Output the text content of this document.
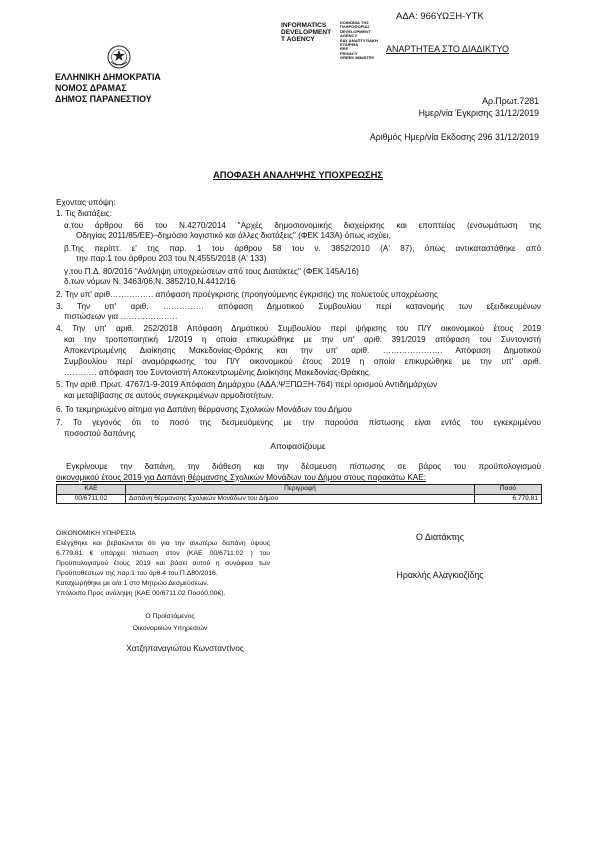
ΑΔΑ: 966ΥΩΞΗ-ΥΤΚ
INFORMATICS
DEVELOPMENT
T AGENCY
ΚΟΙΝΩΝΙΑ ΤΗΣ
ΠΛΗΡΟΦΟΡΙΑΣ
DEVELOPMENT AGENCY
ΕΔΥ ΑΝΑΠΤΥΞΙΑΚΗ
ΕΤΑΙΡΕΙΑ
ΕΕΕ
PRIVACY
GREEK MINISTRY
ΑΝΑΡΤΗΤΕΑ ΣΤΟ ΔΙΑΔΙΚΤΥΟ
ΕΛΛΗΝΙΚΗ ΔΗΜΟΚΡΑΤΙΑ
ΝΟΜΟΣ ΔΡΑΜΑΣ
ΔΗΜΟΣ ΠΑΡΑΝΕΣΤΙΟΥ	Αρ.Πρωτ.7281
Ημερ/νία Έγκρισης 31/12/2019
Αριθμός Ημερ/νία Εκδοσης 296 31/12/2019
ΑΠΟΦΑΣΗ ΑΝΑΛΗΨΗΣ ΥΠΟΧΡΕΩΣΗΣ
Εχοντας υπόψη:
1. Τις διατάξεις:
α.του άρθρου 66 του Ν.4270/2014 "Αρχές δημοσιονομικής διαχείρισης και εποπτείας (ενσωμάτωση της
Οδηγίας 2011/85/ΕΕ)–δημόσιο λογιστικό και άλλες διατάξεις" (ΦΕΚ 143Α) όπως ισχύει,
β.Της περίπτ. ε' της παρ. 1 του άρθρου 58 του ν. 3852/2010 (Α' 87), όπως αντικαταστάθηκε από
την παρ.1 του άρθρου 203 του Ν.4555/2018 (Α' 133)
γ.του Π.Δ. 80/2016 "Ανάληψη υποχρεώσεων από τους Διατάκτες" (ΦΕΚ 145Α/16)
δ.των νόμων Ν. 3463/06,Ν. 3852/10,Ν.4412/16
2. Την υπ' αριθ……………. απόφαση προέγκρισης (προηγούμενης έγκρισης) της πολυετούς υποχρέωσης
3. Την υπ' αριθ. …………… απόφαση Δημοτικού Συμβουλίου περί κατανομής των εξειδικευμένων
πιστώσεων για …………………
4. Την υπ' αριθ. 252/2018 Απόφαση Δημοτικού Συμβουλίου περί ψήφισης του Π/Υ οικονομικού έτους 2019
και την τροποποιητική 1/2019 η οποία επικυρώθηκε με την υπ' αριθ. 391/2019 απόφαση του Συντονιστή
Αποκεντρωμένης Διοίκησης Μακεδονίας-Θράκης και την υπ' αριθ. …………………. Απόφαση Δημοτικού
Συμβουλίου περί αναμόρφωσης του Π/Υ οικονομικού έτους 2019 η οποία επικυρώθηκε με την υπ' αριθ.
………… απόφαση του Συντονιστή Αποκεντρωμένης Διοίκησης Μακεδονίας-Θράκης.
5. Την αριθ. Πρωτ. 4767/1-9-2019 Απόφαση Δημάρχου (ΑΔΑ:ΨΞΠΩΞΗ-764) περί ορισμού Αντιδημάρχων
και μεταβίβασης σε αυτούς συγκεκριμένων αρμοδιοτήτων.
6. Το τεκμηριωμένο αίτημα για Δαπάνη θέρμανσης Σχολικών Μονάδων του Δήμου
7. Το γεγονός ότι το ποσό της δεσμευόμενης με την παρούσα πίστωσης είναι εντός του εγκεκριμένου
ποσοστού δαπάνης
Αποφασίζουμε
Εγκρίνουμε την δαπάνη, την διάθεση και την δέσμευση πίστωσης σε βάρος του προϋπολογισμού
οικονομικού έτους 2019 για Δαπάνη θέρμανσης Σχολικών Μονάδων του Δήμου στους παρακάτω ΚΑΕ:
ΚΑΕ	Περιγραφή	Ποσό
00/6711.02	Δαπάνη θέρμανσης Σχολικών Μονάδων του Δήμου	6.779,81
ΟΙΚΟΝΟΜΙΚΗ ΥΠΗΡΕΣΙΑ
Ελέγχθηκε και βεβαιώνεται ότι για την ανωτέρω δαπάνη ύψους
6.779,81 € υπάρχει πίστωση στον (ΚΑΕ 00/6711.02 ) του
Προϋπολογισμού έτους 2019 και βάσει αυτού η συνάφεια των
Προϋποθέσεων της παρ.1 του άρθ.4 του Π.Δ80/2016.
Καταχωρήθηκε με α/α 1 στο Μητρώο Δεσμεύσεων.
Υπόλοιπο Προς ανάληψη (ΚΑΕ 00/6711.02 Ποσό0,00€).
Ο Προϊστάμενος
Οικονομικών Υπηρεσιών
Χατζηπαναγιώτου Κωνσταντίνος
Ο Διατάκτης
Ηρακλής Αλαγκιοζίδης
